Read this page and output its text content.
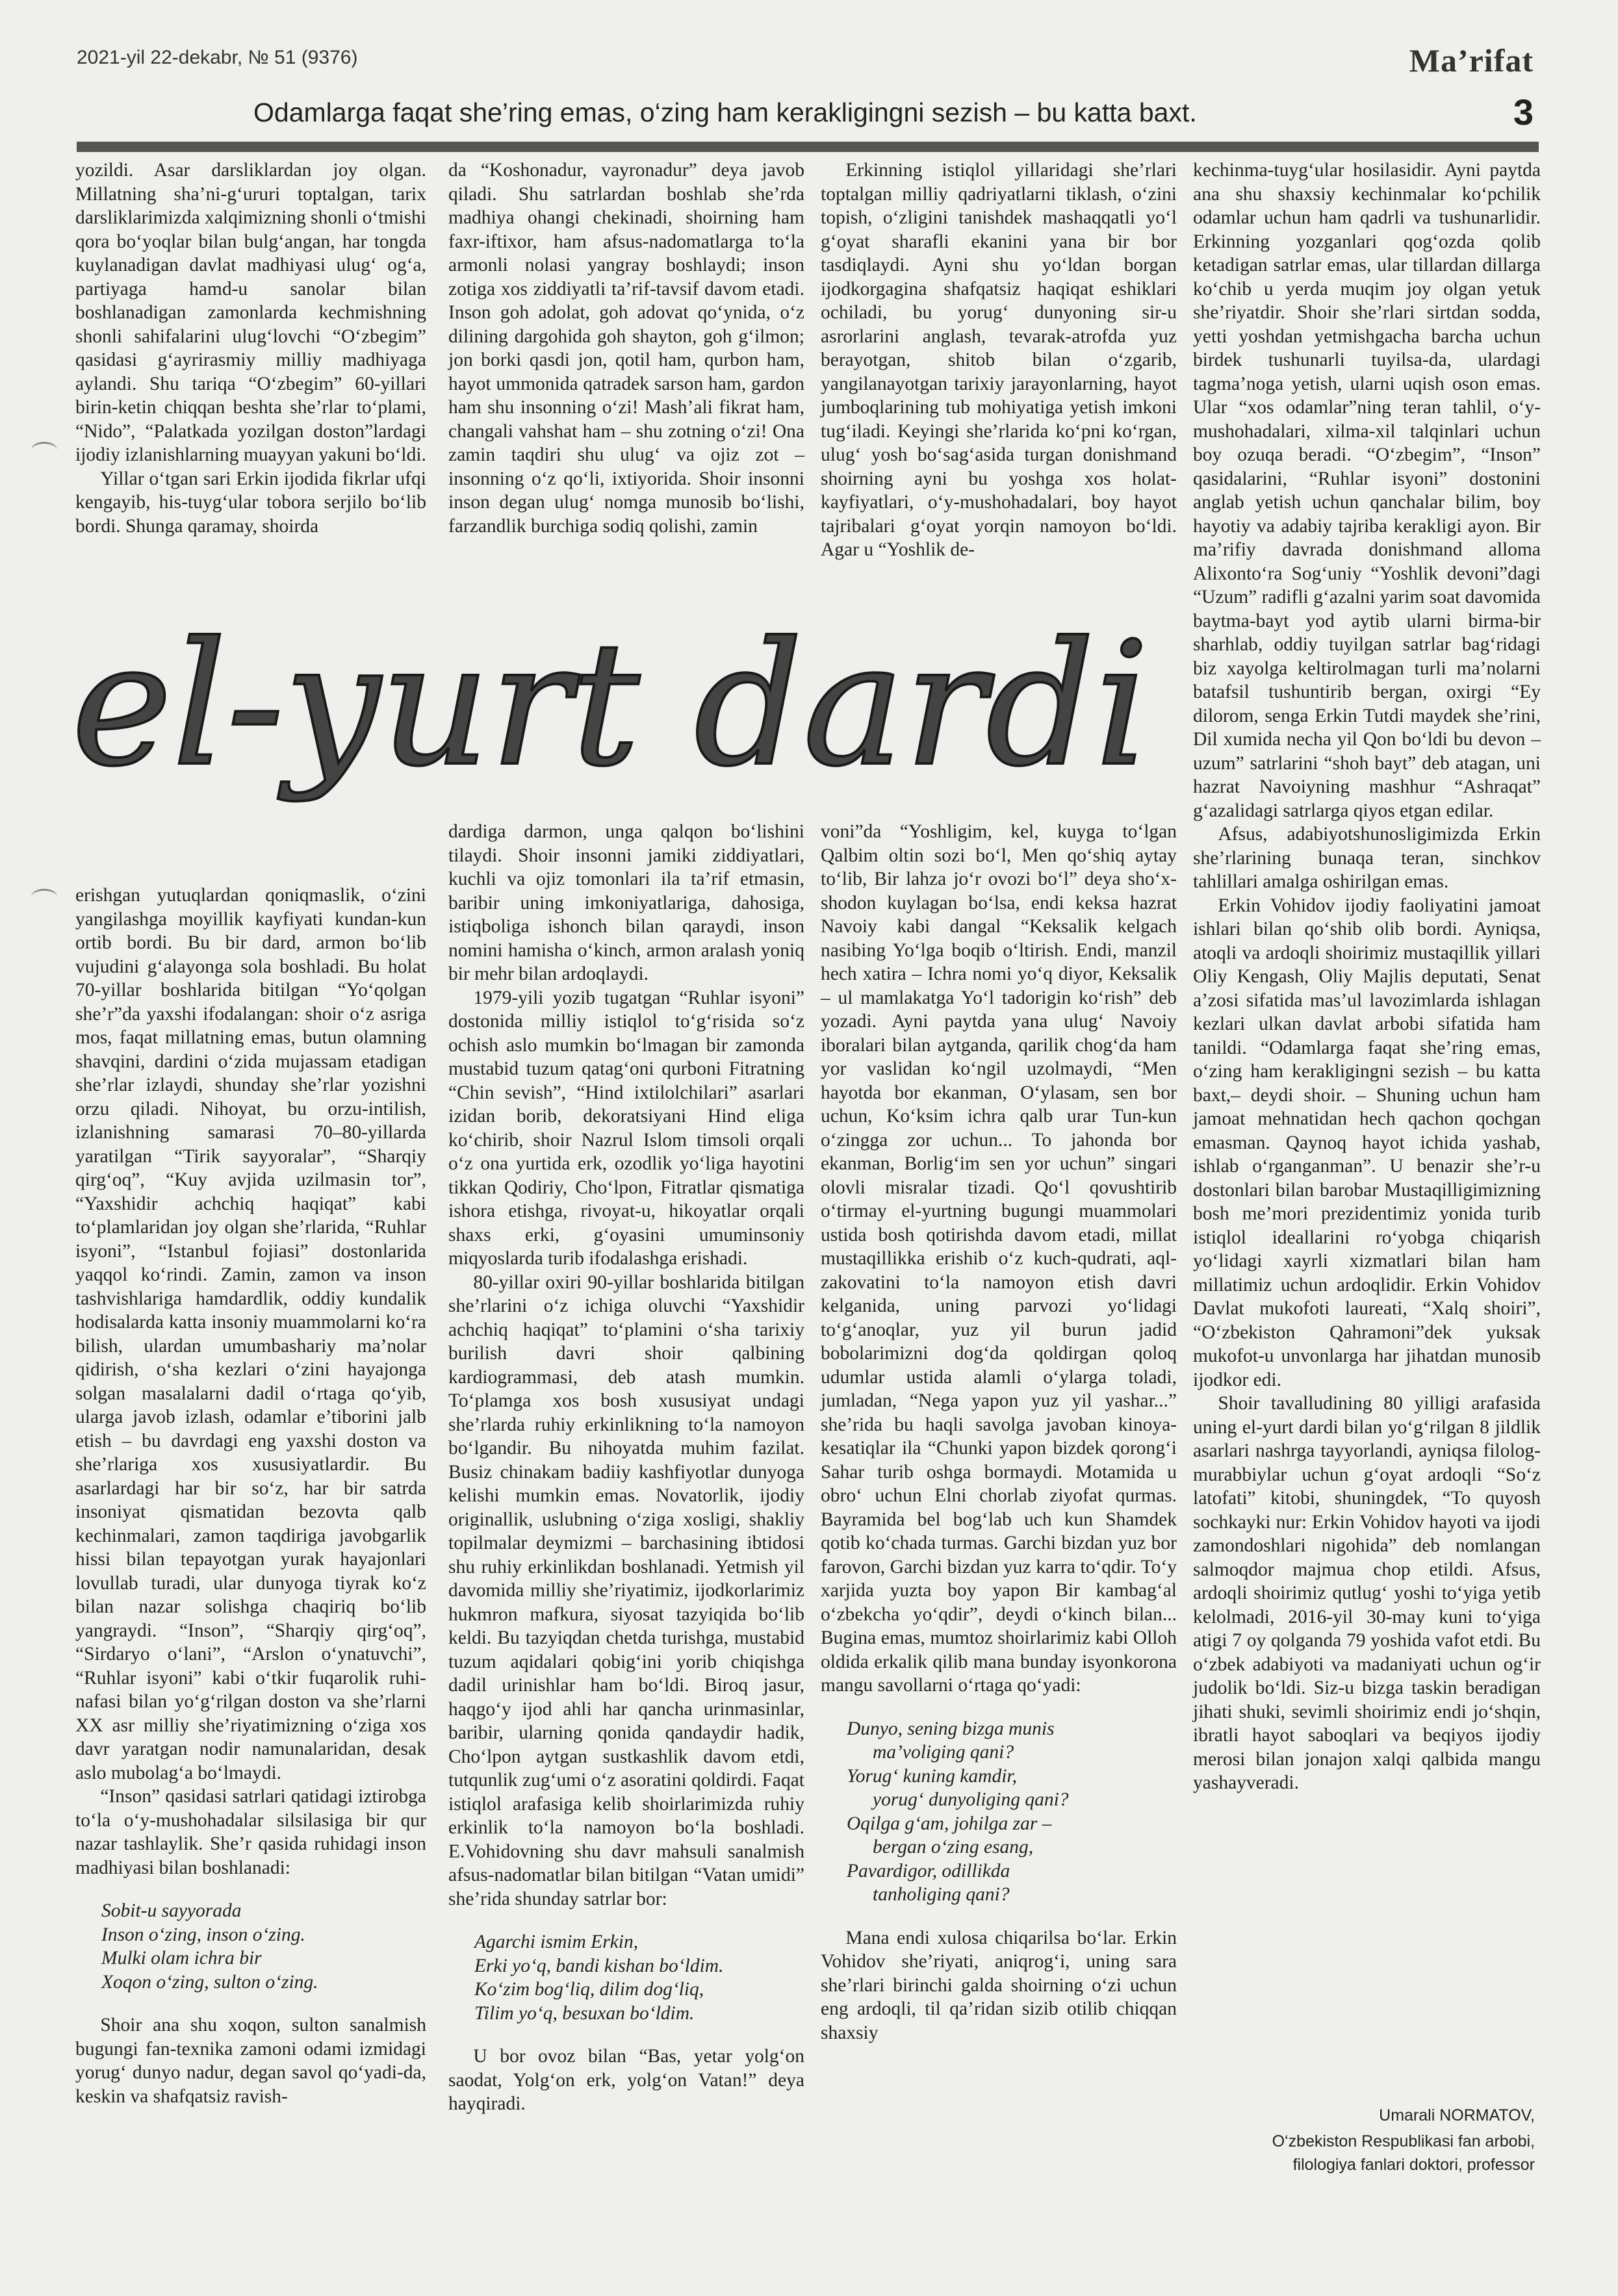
2021-yil 22-dekabr, № 51 (9376)	Ma’rifat
Odamlarga faqat she’ring emas, o‘zing ham kerakligingni sezish – bu katta baxt.	3

yozildi. Asar darsliklardan joy olgan. Millatning sha’ni-g‘ururi toptalgan, tarix darsliklarimizda xalqimizning shonli o‘tmishi qora bo‘yoqlar bilan bulg‘angan, har tongda kuylanadigan davlat madhiyasi ulug‘ og‘a, partiyaga hamd-u sanolar bilan boshlanadigan zamonlarda kechmishning shonli sahifalarini ulug‘lovchi “O‘zbegim” qasidasi g‘ayrirasmiy milliy madhiyaga aylandi. Shu tariqa “O‘zbegim” 60-yillari birin-ketin chiqqan beshta she’rlar to‘plami, “Nido”, “Palatkada yozilgan doston”lardagi ijodiy izlanishlarning muayyan yakuni bo‘ldi.

Yillar o‘tgan sari Erkin ijodida fikrlar ufqi kengayib, his-tuyg‘ular tobora serjilo bo‘lib bordi. Shunga qaramay, shoirda

da “Koshonadur, vayronadur” deya javob qiladi. Shu satrlardan boshlab she’rda madhiya ohangi chekinadi, shoirning ham faxr-iftixor, ham afsus-nadomatlarga to‘la armonli nolasi yangray boshlaydi; inson zotiga xos ziddiyatli ta’rif-tavsif davom etadi. Inson goh adolat, goh adovat qo‘ynida, o‘z dilining dargohida goh shayton, goh g‘ilmon; jon borki qasdi jon, qotil ham, qurbon ham, hayot ummonida qatradek sarson ham, gardon ham shu insonning o‘zi! Mash’ali fikrat ham, changali vahshat ham – shu zotning o‘zi! Ona zamin taqdiri shu ulug‘ va ojiz zot – insonning o‘z qo‘li, ixtiyorida. Shoir insonni inson degan ulug‘ nomga munosib bo‘lishi, farzandlik burchiga sodiq qolishi, zamin

Erkinning istiqlol yillaridagi she’rlari toptalgan milliy qadriyatlarni tiklash, o‘zini topish, o‘zligini tanishdek mashaqqatli yo‘l g‘oyat sharafli ekanini yana bir bor tasdiqlaydi. Ayni shu yo‘ldan borgan ijodkorgagina shafqatsiz haqiqat eshiklari ochiladi, bu yorug‘ dunyoning sir-u asrorlarini anglash, tevarak-atrofda yuz berayotgan, shitob bilan o‘zgarib, yangilanayotgan tarixiy jarayonlarning, hayot jumboqlarining tub mohiyatiga yetish imkoni tug‘iladi. Keyingi she’rlarida ko‘pni ko‘rgan, ulug‘ yosh bo‘sag‘asida turgan donishmand shoirning ayni bu yoshga xos holat-kayfiyatlari, o‘y-mushohadalari, boy hayot tajribalari g‘oyat yorqin namoyon bo‘ldi. Agar u “Yoshlik de-

el-yurt dardi

kechinma-tuyg‘ular hosilasidir. Ayni paytda ana shu shaxsiy kechinmalar ko‘pchilik odamlar uchun ham qadrli va tushunarlidir. Erkinning yozganlari qog‘ozda qolib ketadigan satrlar emas, ular tillardan dillarga ko‘chib u yerda muqim joy olgan yetuk she’riyatdir. Shoir she’rlari sirtdan sodda, yetti yoshdan yetmishgacha barcha uchun birdek tushunarli tuyilsa-da, ulardagi tagma’noga yetish, ularni uqish oson emas. Ular “xos odamlar”ning teran tahlil, o‘y-mushohadalari, xilma-xil talqinlari uchun boy ozuqa beradi. “O‘zbegim”, “Inson” qasidalarini, “Ruhlar isyoni” dostonini anglab yetish uchun qanchalar bilim, boy hayotiy va adabiy tajriba kerakligi ayon. Bir ma’rifiy davrada donishmand alloma Alixonto‘ra Sog‘uniy “Yoshlik devoni”dagi “Uzum” radifli g‘azalni yarim soat davomida baytma-bayt yod aytib ularni birma-bir sharhlab, oddiy tuyilgan satrlar bag‘ridagi biz xayolga keltirolmagan turli ma’nolarni batafsil tushuntirib bergan, oxirgi “Ey dilorom, senga Erkin Tutdi maydek she’rini, Dil xumida necha yil Qon bo‘ldi bu devon – uzum” satrlarini “shoh bayt” deb atagan, uni hazrat Navoiyning mashhur “Ashraqat” g‘azalidagi satrlarga qiyos etgan edilar.

Afsus, adabiyotshunosligimizda Erkin she’rlarining bunaqa teran, sinchkov tahlillari amalga oshirilgan emas.

Erkin Vohidov ijodiy faoliyatini jamoat ishlari bilan qo‘shib olib bordi. Ayniqsa, atoqli va ardoqli shoirimiz mustaqillik yillari Oliy Kengash, Oliy Majlis deputati, Senat a’zosi sifatida mas’ul lavozimlarda ishlagan kezlari ulkan davlat arbobi sifatida ham tanildi. “Odamlarga faqat she’ring emas, o‘zing ham kerakligingni sezish – bu katta baxt,– deydi shoir. – Shuning uchun ham jamoat mehnatidan hech qachon qochgan emasman. Qaynoq hayot ichida yashab, ishlab o‘rganganman”. U benazir she’r-u dostonlari bilan barobar Mustaqilligimizning bosh me’mori prezidentimiz yonida turib istiqlol ideallarini ro‘yobga chiqarish yo‘lidagi xayrli xizmatlari bilan ham millatimiz uchun ardoqlidir. Erkin Vohidov Davlat mukofoti laureati, “Xalq shoiri”, “O‘zbekiston Qahramoni”dek yuksak mukofot-u unvonlarga har jihatdan munosib ijodkor edi.

Shoir tavalludining 80 yilligi arafasida uning el-yurt dardi bilan yo‘g‘rilgan 8 jildlik asarlari nashrga tayyorlandi, ayniqsa filolog-murabbiylar uchun g‘oyat ardoqli “So‘z latofati” kitobi, shuningdek, “To quyosh sochkayki nur: Erkin Vohidov hayoti va ijodi zamondoshlari nigohida” deb nomlangan salmoqdor majmua chop etildi. Afsus, ardoqli shoirimiz qutlug‘ yoshi to‘yiga yetib kelolmadi, 2016-yil 30-may kuni to‘yiga atigi 7 oy qolganda 79 yoshida vafot etdi. Bu o‘zbek adabiyoti va madaniyati uchun og‘ir judolik bo‘ldi. Siz-u bizga taskin beradigan jihati shuki, sevimli shoirimiz endi jo‘shqin, ibratli hayot saboqlari va beqiyos ijodiy merosi bilan jonajon xalqi qalbida mangu yashayveradi.

erishgan yutuqlardan qoniqmaslik, o‘zini yangilashga moyillik kayfiyati kundan-kun ortib bordi. Bu bir dard, armon bo‘lib vujudini g‘alayonga sola boshladi. Bu holat 70-yillar boshlarida bitilgan “Yo‘qolgan she’r”da yaxshi ifodalangan: shoir o‘z asriga mos, faqat millatning emas, butun olamning shavqini, dardini o‘zida mujassam etadigan she’rlar izlaydi, shunday she’rlar yozishni orzu qiladi. Nihoyat, bu orzu-intilish, izlanishning samarasi 70–80-yillarda yaratilgan “Tirik sayyoralar”, “Sharqiy qirg‘oq”, “Kuy avjida uzilmasin tor”, “Yaxshidir achchiq haqiqat” kabi to‘plamlaridan joy olgan she’rlarida, “Ruhlar isyoni”, “Istanbul fojiasi” dostonlarida yaqqol ko‘rindi. Zamin, zamon va inson tashvishlariga hamdardlik, oddiy kundalik hodisalarda katta insoniy muammolarni ko‘ra bilish, ulardan umumbashariy ma’nolar qidirish, o‘sha kezlari o‘zini hayajonga solgan masalalarni dadil o‘rtaga qo‘yib, ularga javob izlash, odamlar e’tiborini jalb etish – bu davrdagi eng yaxshi doston va she’rlariga xos xususiyatlardir. Bu asarlardagi har bir so‘z, har bir satrda insoniyat qismatidan bezovta qalb kechinmalari, zamon taqdiriga javobgarlik hissi bilan tepayotgan yurak hayajonlari lovullab turadi, ular dunyoga tiyrak ko‘z bilan nazar solishga chaqiriq bo‘lib yangraydi. “Inson”, “Sharqiy qirg‘oq”, “Sirdaryo o‘lani”, “Arslon o‘ynatuvchi”, “Ruhlar isyoni” kabi o‘tkir fuqarolik ruhi-nafasi bilan yo‘g‘rilgan doston va she’rlarni XX asr milliy she’riyatimizning o‘ziga xos davr yaratgan nodir namunalaridan, desak aslo mubolag‘a bo‘lmaydi.

“Inson” qasidasi satrlari qatidagi iztirobga to‘la o‘y-mushohadalar silsilasiga bir qur nazar tashlaylik. She’r qasida ruhidagi inson madhiyasi bilan boshlanadi:

Sobit-u sayyorada
Inson o‘zing, inson o‘zing.
Mulki olam ichra bir
Xoqon o‘zing, sulton o‘zing.

Shoir ana shu xoqon, sulton sanalmish bugungi fan-texnika zamoni odami izmidagi yorug‘ dunyo nadur, degan savol qo‘yadi-da, keskin va shafqatsiz ravish-

dardiga darmon, unga qalqon bo‘lishini tilaydi. Shoir insonni jamiki ziddiyatlari, kuchli va ojiz tomonlari ila ta’rif etmasin, baribir uning imkoniyatlariga, dahosiga, istiqboliga ishonch bilan qaraydi, inson nomini hamisha o‘kinch, armon aralash yoniq bir mehr bilan ardoqlaydi.

1979-yili yozib tugatgan “Ruhlar isyoni” dostonida milliy istiqlol to‘g‘risida so‘z ochish aslo mumkin bo‘lmagan bir zamonda mustabid tuzum qatag‘oni qurboni Fitratning “Chin sevish”, “Hind ixtilolchilari” asarlari izidan borib, dekoratsiyani Hind eliga ko‘chirib, shoir Nazrul Islom timsoli orqali o‘z ona yurtida erk, ozodlik yo‘liga hayotini tikkan Qodiriy, Cho‘lpon, Fitratlar qismatiga ishora etishga, rivoyat-u, hikoyatlar orqali shaxs erki, g‘oyasini umuminsoniy miqyoslarda turib ifodalashga erishadi.

80-yillar oxiri 90-yillar boshlarida bitilgan she’rlarini o‘z ichiga oluvchi “Yaxshidir achchiq haqiqat” to‘plamini o‘sha tarixiy burilish davri shoir qalbining kardiogrammasi, deb atash mumkin. To‘plamga xos bosh xususiyat undagi she’rlarda ruhiy erkinlikning to‘la namoyon bo‘lgandir. Bu nihoyatda muhim fazilat. Busiz chinakam badiiy kashfiyotlar dunyoga kelishi mumkin emas. Novatorlik, ijodiy originallik, uslubning o‘ziga xosligi, shakliy topilmalar deymizmi – barchasining ibtidosi shu ruhiy erkinlikdan boshlanadi. Yetmish yil davomida milliy she’riyatimiz, ijodkorlarimiz hukmron mafkura, siyosat tazyiqida bo‘lib keldi. Bu tazyiqdan chetda turishga, mustabid tuzum aqidalari qobig‘ini yorib chiqishga dadil urinishlar ham bo‘ldi. Biroq jasur, haqgo‘y ijod ahli har qancha urinmasinlar, baribir, ularning qonida qandaydir hadik, Cho‘lpon aytgan sustkashlik davom etdi, tutqunlik zug‘umi o‘z asoratini qoldirdi. Faqat istiqlol arafasiga kelib shoirlarimizda ruhiy erkinlik to‘la namoyon bo‘la boshladi. E.Vohidovning shu davr mahsuli sanalmish afsus-nadomatlar bilan bitilgan “Vatan umidi” she’rida shunday satrlar bor:

Agarchi ismim Erkin,
Erki yo‘q, bandi kishan bo‘ldim.
Ko‘zim bog‘liq, dilim dog‘liq,
Tilim yo‘q, besuxan bo‘ldim.

U bor ovoz bilan “Bas, yetar yolg‘on saodat, Yolg‘on erk, yolg‘on Vatan!” deya hayqiradi.

voni”da “Yoshligim, kel, kuyga to‘lgan Qalbim oltin sozi bo‘l, Men qo‘shiq aytay to‘lib, Bir lahza jo‘r ovozi bo‘l” deya sho‘x-shodon kuylagan bo‘lsa, endi keksa hazrat Navoiy kabi dangal “Keksalik kelgach nasibing Yo‘lga boqib o‘ltirish. Endi, manzil hech xatira – Ichra nomi yo‘q diyor, Keksalik – ul mamlakatga Yo‘l tadorigin ko‘rish” deb yozadi. Ayni paytda yana ulug‘ Navoiy iboralari bilan aytganda, qarilik chog‘da ham yor vaslidan ko‘ngil uzolmaydi, “Men hayotda bor ekanman, O‘ylasam, sen bor uchun, Ko‘ksim ichra qalb urar Tun-kun o‘zingga zor uchun... To jahonda bor ekanman, Borlig‘im sen yor uchun” singari olovli misralar tizadi. Qo‘l qovushtirib o‘tirmay el-yurtning bugungi muammolari ustida bosh qotirishda davom etadi, millat mustaqillikka erishib o‘z kuch-qudrati, aql-zakovatini to‘la namoyon etish davri kelganida, uning parvozi yo‘lidagi to‘g‘anoqlar, yuz yil burun jadid bobolarimizni dog‘da qoldirgan qoloq udumlar ustida alamli o‘ylarga toladi, jumladan, “Nega yapon yuz yil yashar...” she’rida bu haqli savolga javoban kinoya-kesatiqlar ila “Chunki yapon bizdek qorong‘i Sahar turib oshga bormaydi. Motamida u obro‘ uchun Elni chorlab ziyofat qurmas. Bayramida bel bog‘lab uch kun Shamdek qotib ko‘chada turmas. Garchi bizdan yuz bor farovon, Garchi bizdan yuz karra to‘qdir. To‘y xarjida yuzta boy yapon Bir kambag‘al o‘zbekcha yo‘qdir”, deydi o‘kinch bilan... Bugina emas, mumtoz shoirlarimiz kabi Olloh oldida erkalik qilib mana bunday isyonkorona mangu savollarni o‘rtaga qo‘yadi:

Dunyo, sening bizga munis
ma’voliging qani?
Yorug‘ kuning kamdir,
yorug‘ dunyoliging qani?
Oqilga g‘am, johilga zar –
bergan o‘zing esang,
Pavardigor, odillikda
tanholiging qani?

Mana endi xulosa chiqarilsa bo‘lar. Erkin Vohidov she’riyati, aniqrog‘i, uning sara she’rlari birinchi galda shoirning o‘zi uchun eng ardoqli, til qa’ridan sizib otilib chiqqan shaxsiy

Umarali NORMATOV,
O‘zbekiston Respublikasi fan arbobi,
filologiya fanlari doktori, professor
